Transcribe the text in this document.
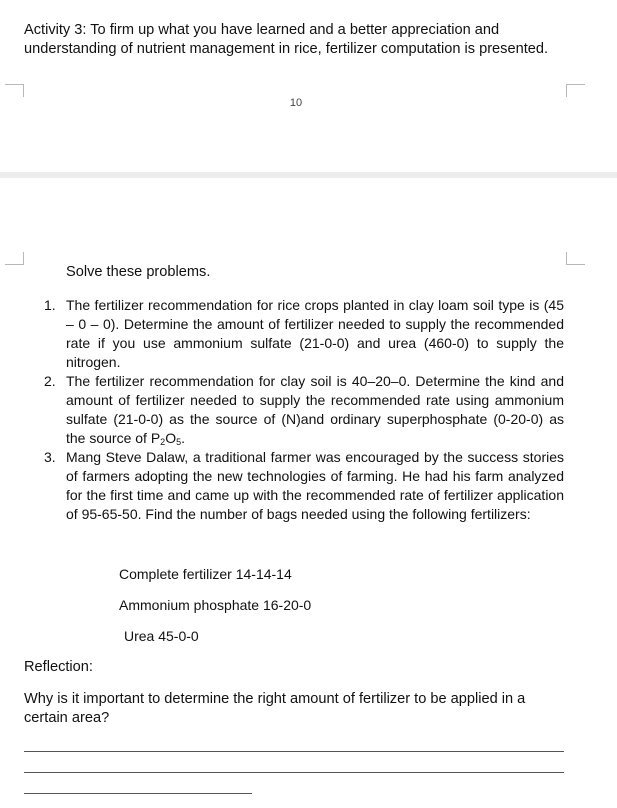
Activity 3: To firm up what you have learned and a better appreciation and understanding of nutrient management in rice, fertilizer computation is presented.
10
Solve these problems.
1. The fertilizer recommendation for rice crops planted in clay loam soil type is (45 – 0 – 0). Determine the amount of fertilizer needed to supply the recommended rate if you use ammonium sulfate (21-0-0) and urea (460-0) to supply the nitrogen.
2. The fertilizer recommendation for clay soil is 40–20–0. Determine the kind and amount of fertilizer needed to supply the recommended rate using ammonium sulfate (21-0-0) as the source of (N)and ordinary superphosphate (0-20-0) as the source of $P_2O_5$.
3. Mang Steve Dalaw, a traditional farmer was encouraged by the success stories of farmers adopting the new technologies of farming. He had his farm analyzed for the first time and came up with the recommended rate of fertilizer application of 95-65-50. Find the number of bags needed using the following fertilizers:
Complete fertilizer 14-14-14
Ammonium phosphate 16-20-0
Urea 45-0-0
Reflection:
Why is it important to determine the right amount of fertilizer to be applied in a certain area?
